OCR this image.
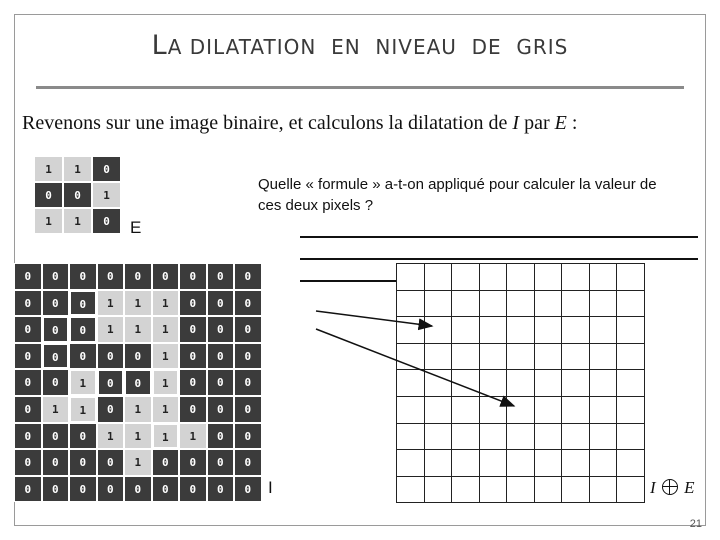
LA DILATATION  EN  NIVEAU  DE  GRIS
Revenons sur une image binaire, et calculons la dilatation de I par E :
Quelle « formule » a-t-on appliqué pour calculer la valeur de ces deux pixels ?
1	1	0
0	0	1
1	1	0	E
0	0	0	0	0	0	0	0	0
0	0	0	1	1	1	0	0	0
0	0	0	1	1	1	0	0	0
0	0	0	0	0	1	0	0	0
0	0	1	0	0	1	0	0	0
0	1	1	0	1	1	0	0	0
0	0	0	1	1	1	1	0	0
0	0	0	0	1	0	0	0	0
0	0	0	0	0	0	0	0	0 I	I E
21
